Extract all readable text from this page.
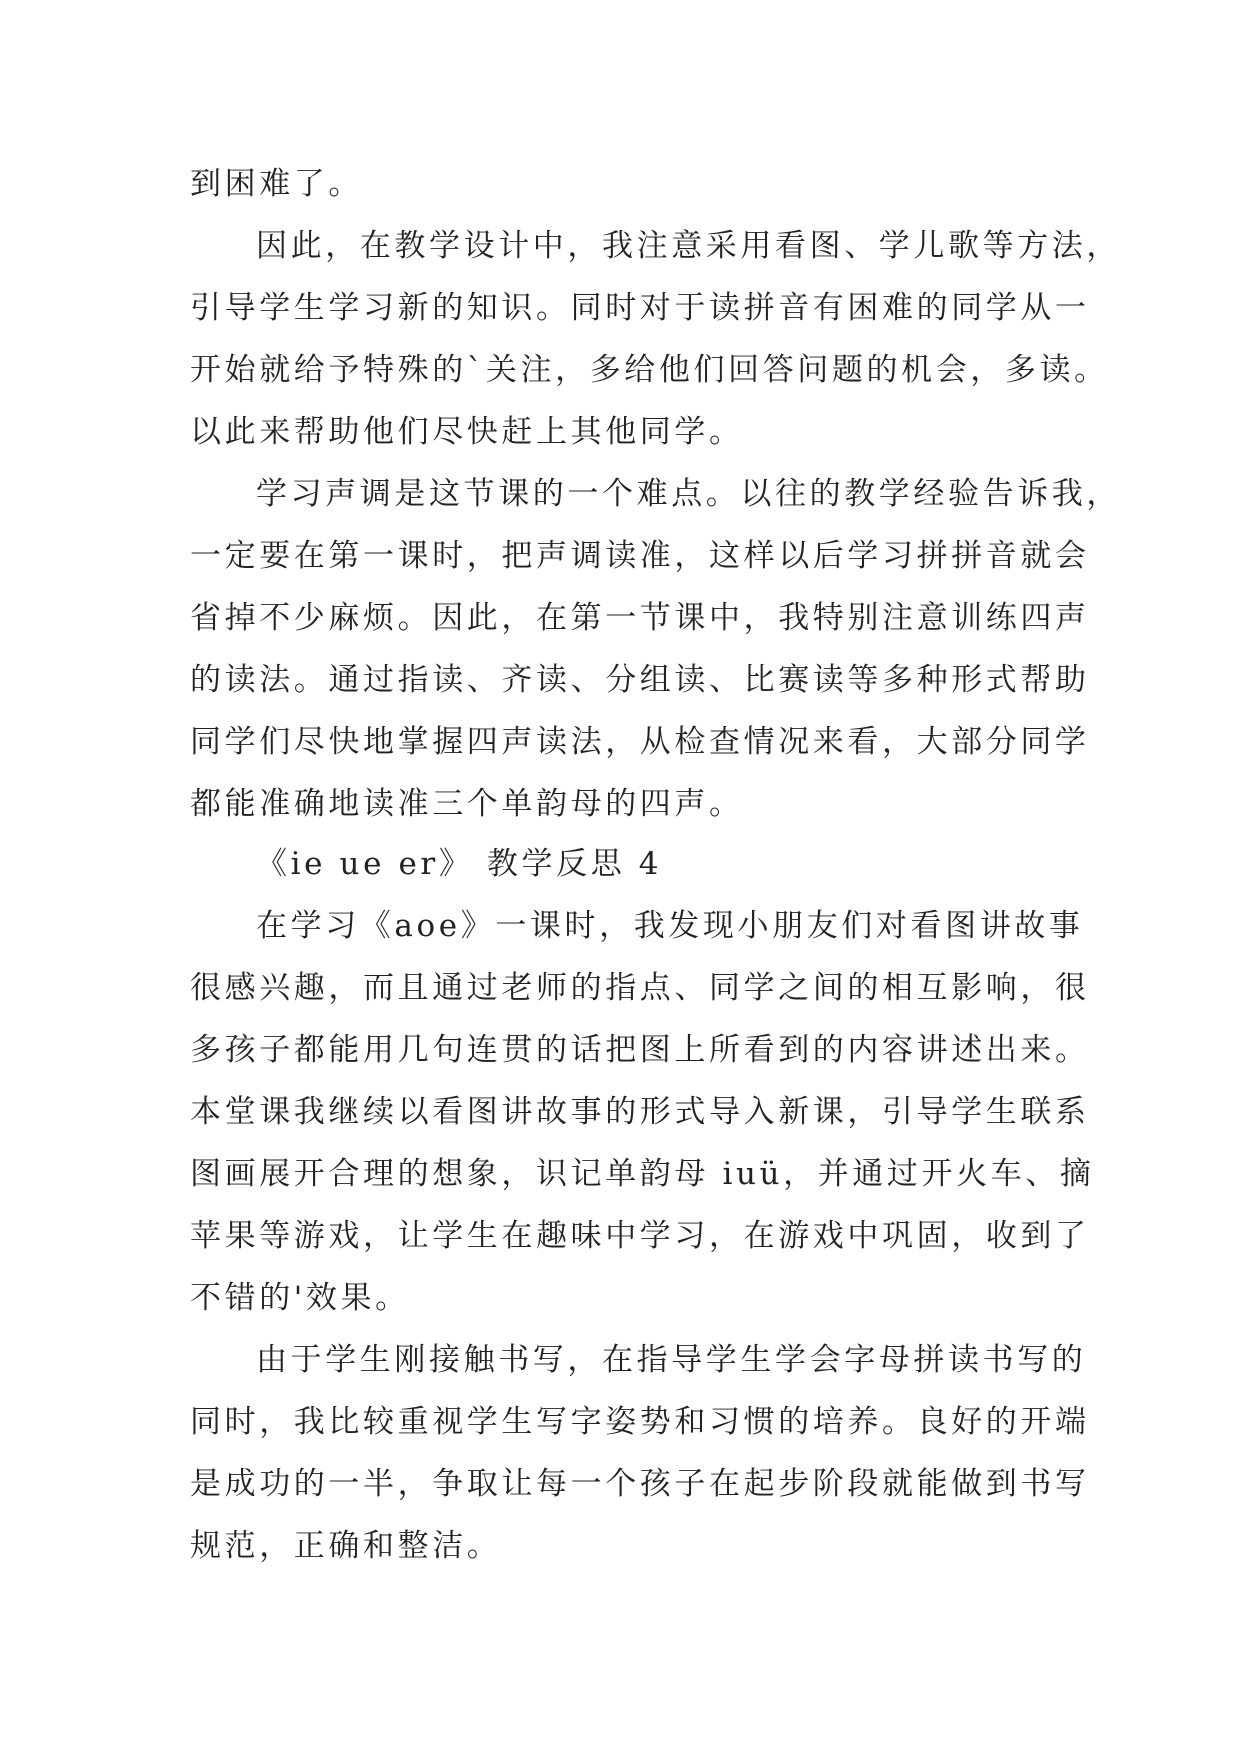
到困难了。
因此，在教学设计中，我注意采用看图、学儿歌等方法，
引导学生学习新的知识。同时对于读拼音有困难的同学从一
开始就给予特殊的`关注，多给他们回答问题的机会，多读。
以此来帮助他们尽快赶上其他同学。
学习声调是这节课的一个难点。以往的教学经验告诉我，
一定要在第一课时，把声调读准，这样以后学习拼拼音就会
省掉不少麻烦。因此，在第一节课中，我特别注意训练四声
的读法。通过指读、齐读、分组读、比赛读等多种形式帮助
同学们尽快地掌握四声读法，从检查情况来看，大部分同学
都能准确地读准三个单韵母的四声。
《ie ue er》 教学反思 4
在学习《aoe》一课时，我发现小朋友们对看图讲故事
很感兴趣，而且通过老师的指点、同学之间的相互影响，很
多孩子都能用几句连贯的话把图上所看到的内容讲述出来。
本堂课我继续以看图讲故事的形式导入新课，引导学生联系
图画展开合理的想象，识记单韵母 iuü，并通过开火车、摘
苹果等游戏，让学生在趣味中学习，在游戏中巩固，收到了
不错的'效果。
由于学生刚接触书写，在指导学生学会字母拼读书写的
同时，我比较重视学生写字姿势和习惯的培养。良好的开端
是成功的一半，争取让每一个孩子在起步阶段就能做到书写
规范，正确和整洁。
